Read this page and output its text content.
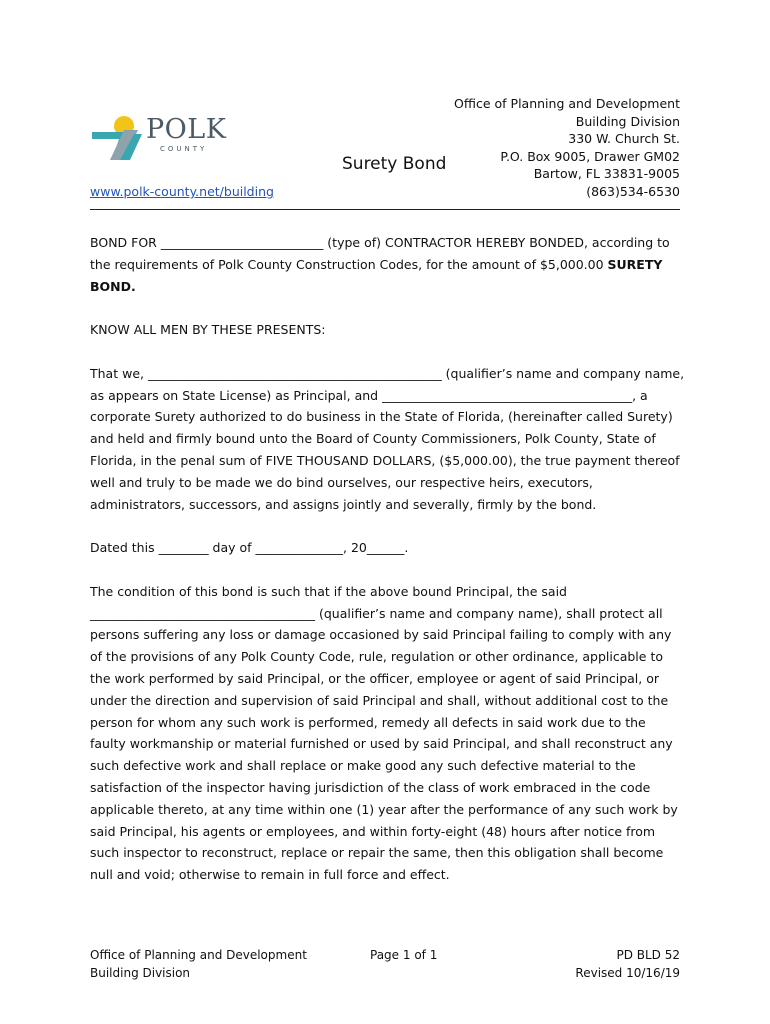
POLK
COUNTY
www.polk-county.net/building
Surety Bond
Office of Planning and Development
Building Division
330 W. Church St.
P.O. Box 9005, Drawer GM02
Bartow, FL 33831-9005
(863)534-6530

BOND FOR __________________________ (type of) CONTRACTOR HEREBY BONDED, according to the requirements of Polk County Construction Codes, for the amount of $5,000.00 SURETY BOND.

KNOW ALL MEN BY THESE PRESENTS:

That we, _______________________________________________ (qualifier’s name and company name, as appears on State License) as Principal, and ________________________________________, a corporate Surety authorized to do business in the State of Florida, (hereinafter called Surety) and held and firmly bound unto the Board of County Commissioners, Polk County, State of Florida, in the penal sum of FIVE THOUSAND DOLLARS, ($5,000.00), the true payment thereof well and truly to be made we do bind ourselves, our respective heirs, executors, administrators, successors, and assigns jointly and severally, firmly by the bond.

Dated this ________ day of ______________, 20______.

The condition of this bond is such that if the above bound Principal, the said ____________________________________ (qualifier’s name and company name), shall protect all persons suffering any loss or damage occasioned by said Principal failing to comply with any of the provisions of any Polk County Code, rule, regulation or other ordinance, applicable to the work performed by said Principal, or the officer, employee or agent of said Principal, or under the direction and supervision of said Principal and shall, without additional cost to the person for whom any such work is performed, remedy all defects in said work due to the faulty workmanship or material furnished or used by said Principal, and shall reconstruct any such defective work and shall replace or make good any such defective material to the satisfaction of the inspector having jurisdiction of the class of work embraced in the code applicable thereto, at any time within one (1) year after the performance of any such work by said Principal, his agents or employees, and within forty-eight (48) hours after notice from such inspector to reconstruct, replace or repair the same, then this obligation shall become null and void; otherwise to remain in full force and effect.

Office of Planning and Development
Building Division
Page 1 of 1	PD BLD 52
Revised 10/16/19
